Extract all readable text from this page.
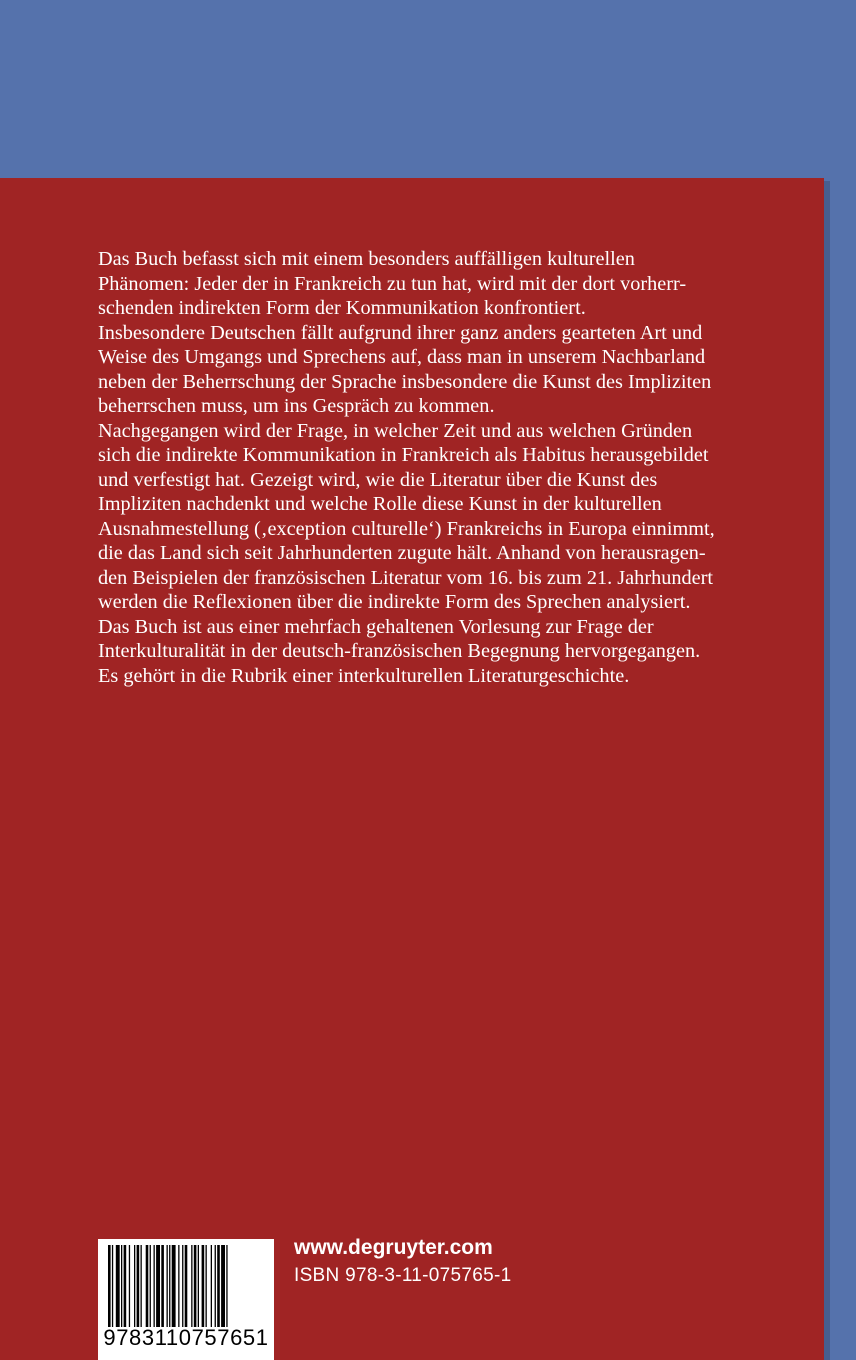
Das Buch befasst sich mit einem besonders auffälligen kulturellen
Phänomen: Jeder der in Frankreich zu tun hat, wird mit der dort vorherr-
schenden indirekten Form der Kommunikation konfrontiert.
Insbesondere Deutschen fällt aufgrund ihrer ganz anders gearteten Art und
Weise des Umgangs und Sprechens auf, dass man in unserem Nachbarland
neben der Beherrschung der Sprache insbesondere die Kunst des Impliziten
beherrschen muss, um ins Gespräch zu kommen.
Nachgegangen wird der Frage, in welcher Zeit und aus welchen Gründen
sich die indirekte Kommunikation in Frankreich als Habitus herausgebildet
und verfestigt hat. Gezeigt wird, wie die Literatur über die Kunst des
Impliziten nachdenkt und welche Rolle diese Kunst in der kulturellen
Ausnahmestellung (‚exception culturelle‘) Frankreichs in Europa einnimmt,
die das Land sich seit Jahrhunderten zugute hält. Anhand von herausragen-
den Beispielen der französischen Literatur vom 16. bis zum 21. Jahrhundert
werden die Reflexionen über die indirekte Form des Sprechen analysiert.
Das Buch ist aus einer mehrfach gehaltenen Vorlesung zur Frage der
Interkulturalität in der deutsch-französischen Begegnung hervorgegangen.
Es gehört in die Rubrik einer interkulturellen Literaturgeschichte.
9783110757651
www.degruyter.com
ISBN 978-3-11-075765-1
